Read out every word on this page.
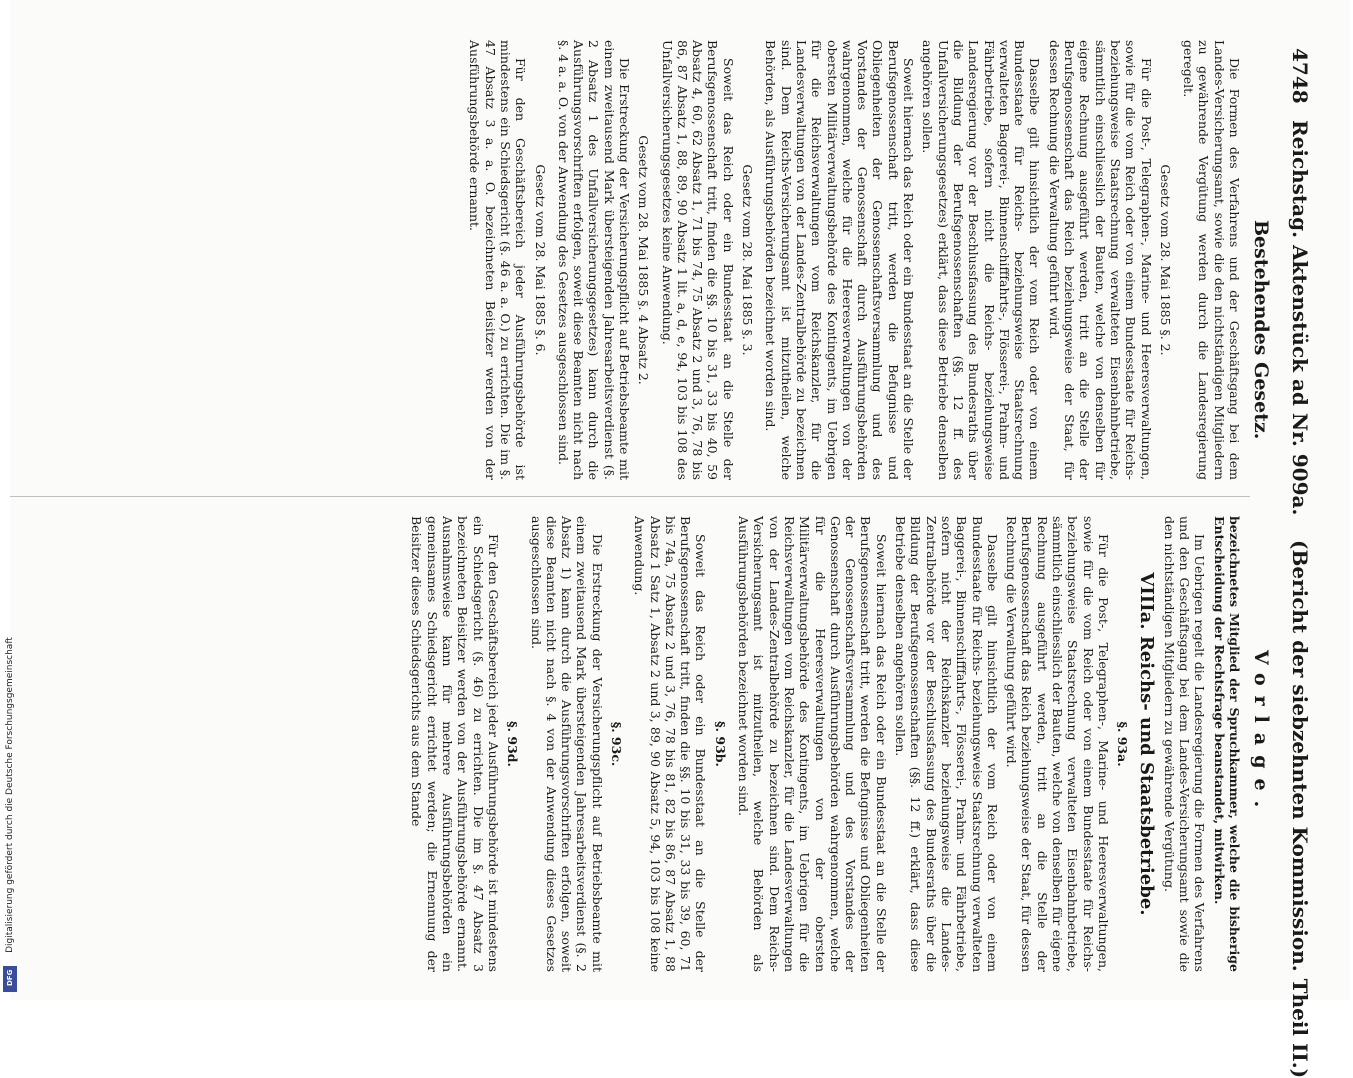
4748
Reichstag. Aktenstück ad Nr. 909a.
(Bericht der siebzehnten Kommission. Theil II.)
Bestehendes Gesetz.
Vorlage.

Die Formen des Verfahrens und der Geschäftsgang bei dem Landes-Versicherungsamt, sowie die den nichtständigen Mitgliedern zu gewährende Vergütung werden durch die Landesregierung geregelt.

Gesetz vom 28. Mai 1885 §. 2.

Für die Post-, Telegraphen-, Marine- und Heeresverwaltungen, sowie für die vom Reich oder von einem Bundesstaate für Reichs- beziehungsweise Staatsrechnung verwalteten Eisenbahnbetriebe, sämmtlich einschliesslich der Bauten, welche von denselben für eigene Rechnung ausgeführt werden, tritt an die Stelle der Berufsgenossenschaft das Reich beziehungsweise der Staat, für dessen Rechnung die Verwaltung geführt wird.

Dasselbe gilt hinsichtlich der vom Reich oder von einem Bundesstaate für Reichs- beziehungsweise Staatsrechnung verwalteten Baggerei-, Binnenschifffahrts-, Flösserei-, Prahm- und Fährbetriebe, sofern nicht die Reichs- beziehungsweise Landesregierung vor der Beschlussfassung des Bundesraths über die Bildung der Berufsgenossenschaften (§§. 12 ff. des Unfallversicherungsgesetzes) erklärt, dass diese Betriebe denselben angehören sollen.

Soweit hiernach das Reich oder ein Bundesstaat an die Stelle der Berufsgenossenschaft tritt, werden die Befugnisse und Obliegenheiten der Genossenschaftsversammlung und des Vorstandes der Genossenschaft durch Ausführungsbehörden wahrgenommen, welche für die Heeresverwaltungen von der obersten Militärverwaltungsbehörde des Kontingents, im Uebrigen für die Reichsverwaltungen vom Reichskanzler, für die Landesverwaltungen von der Landes-Zentralbehörde zu bezeichnen sind. Dem Reichs-Versicherungsamt ist mitzutheilen, welche Behörden, als Ausführungsbehörden bezeichnet worden sind.

Gesetz vom 28. Mai 1885 §. 3.

Soweit das Reich oder ein Bundesstaat an die Stelle der Berufsgenossenschaft tritt, finden die §§. 10 bis 31, 33 bis 40, 59 Absatz 4, 60, 62 Absatz 1, 71 bis 74, 75 Absatz 2 und 3, 76, 78 bis 86, 87 Absatz 1, 88, 89, 90 Absatz 1 lit. a, d, e, 94, 103 bis 108 des Unfallversicherungsgesetzes keine Anwendung.

Gesetz vom 28. Mai 1885 §. 4 Absatz 2.

Die Erstreckung der Versicherungspflicht auf Betriebsbeamte mit einem zweitausend Mark übersteigenden Jahresarbeitsverdienst (§. 2 Absatz 1 des Unfallversicherungsgesetzes) kann durch die Ausführungsvorschriften erfolgen, soweit diese Beamten nicht nach §. 4 a. a. O. von der Anwendung des Gesetzes ausgeschlossen sind.

Gesetz vom 28. Mai 1885 §. 6.

Für den Geschäftsbereich jeder Ausführungsbehörde ist mindestens ein Schiedsgericht (§. 46 a. a. O.) zu errichten. Die im §. 47 Absatz 3 a. a. O. bezeichneten Beisitzer werden von der Ausführungsbehörde ernannt.

bezeichnetes Mitglied der Spruchkammer, welche die bisherige Entscheidung der Rechtsfrage beanstandet, mitwirken.

Im Uebrigen regelt die Landesregierung die Formen des Verfahrens und den Geschäftsgang bei dem Landes-Versicherungsamt sowie die den nichtständigen Mitgliedern zu gewährende Vergütung.

VIIIa. Reichs- und Staatsbetriebe.

§. 93a.

Für die Post-, Telegraphen-, Marine- und Heeresverwaltungen, sowie für die vom Reich oder von einem Bundesstaate für Reichs- beziehungsweise Staatsrechnung verwalteten Eisenbahnbetriebe, sämmtlich einschliesslich der Bauten, welche von denselben für eigene Rechnung ausgeführt werden, tritt an die Stelle der Berufsgenossenschaft das Reich beziehungsweise der Staat, für dessen Rechnung die Verwaltung geführt wird.

Dasselbe gilt hinsichtlich der vom Reich oder von einem Bundesstaate für Reichs- beziehungsweise Staatsrechnung verwalteten Baggerei-, Binnenschifffahrts-, Flösserei-, Prahm- und Fährbetriebe, sofern nicht der Reichskanzler beziehungsweise die Landes-Zentralbehörde vor der Beschlussfassung des Bundesraths über die Bildung der Berufsgenossenschaften (§§. 12 ff.) erklärt, dass diese Betriebe denselben angehören sollen.

Soweit hiernach das Reich oder ein Bundesstaat an die Stelle der Berufsgenossenschaft tritt, werden die Befugnisse und Obliegenheiten der Genossenschaftsversammlung und des Vorstandes der Genossenschaft durch Ausführungsbehörden wahrgenommen, welche für die Heeresverwaltungen von der obersten Militärverwaltungsbehörde des Kontingents, im Uebrigen für die Reichsverwaltungen vom Reichskanzler, für die Landesverwaltungen von der Landes-Zentralbehörde zu bezeichnen sind. Dem Reichs-Versicherungsamt ist mitzutheilen, welche Behörden als Ausführungsbehörden bezeichnet worden sind.

§. 93b.

Soweit das Reich oder ein Bundesstaat an die Stelle der Berufsgenossenschaft tritt, finden die §§. 10 bis 31, 33 bis 39, 60, 71 bis 74a, 75 Absatz 2 und 3, 76, 78 bis 81, 82 bis 86, 87 Absatz 1, 88 Absatz 1 Satz 1, Absatz 2 und 3, 89, 90 Absatz 5, 94, 103 bis 108 keine Anwendung.

§. 93c.

Die Erstreckung der Versicherungspflicht auf Betriebsbeamte mit einem zweitausend Mark übersteigenden Jahresarbeitsverdienst (§. 2 Absatz 1) kann durch die Ausführungsvorschriften erfolgen, soweit diese Beamten nicht nach §. 4 von der Anwendung dieses Gesetzes ausgeschlossen sind.

§. 93d.

Für den Geschäftsbereich jeder Ausführungsbehörde ist mindestens ein Schiedsgericht (§. 46) zu errichten. Die im §. 47 Absatz 3 bezeichneten Beisitzer werden von der Ausführungsbehörde ernannt. Ausnahmsweise kann für mehrere Ausführungsbehörden ein gemeinsames Schiedsgericht errichtet werden; die Ernennung der Beisitzer dieses Schiedsgerichts aus dem Stande

Digitalisierung gefördert durch die Deutsche Forschungsgemeinschaft
DFG
